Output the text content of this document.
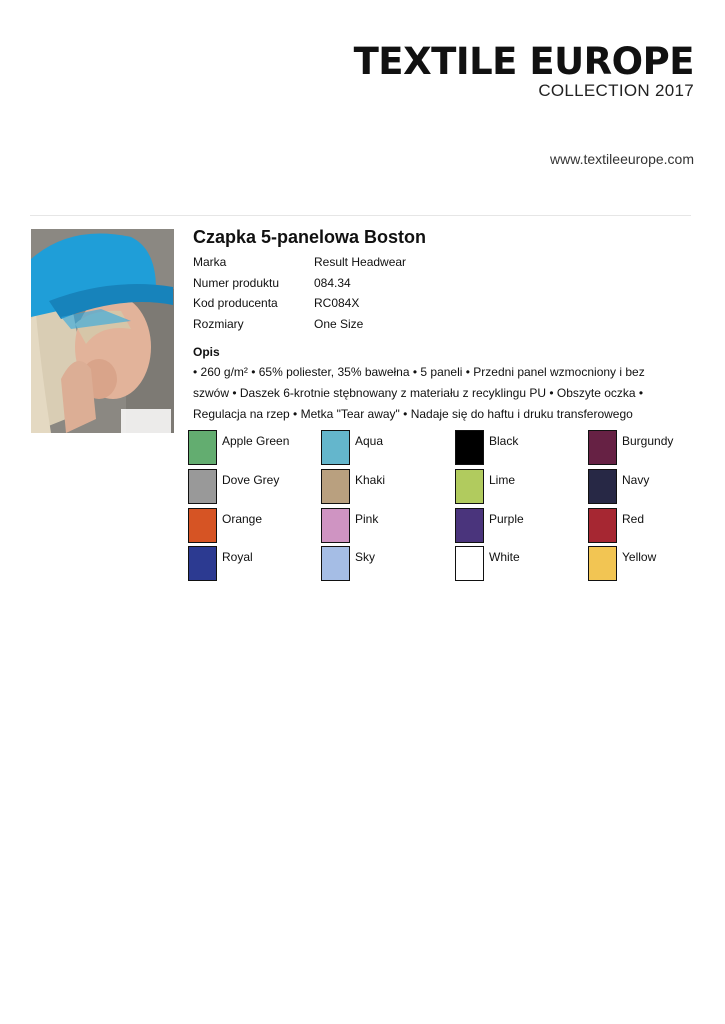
TEXTILE EUROPE
COLLECTION 2017
www.textileeurope.com
Czapka 5-panelowa Boston
Marka	Result Headwear
Numer produktu	084.34
Kod producenta	RC084X
Rozmiary	One Size
Opis
• 260 g/m² • 65% poliester, 35% bawełna • 5 paneli • Przedni panel wzmocniony i bez szwów • Daszek 6-krotnie stębnowany z materiału z recyklingu PU • Obszyte oczka • Regulacja na rzep • Metka "Tear away" • Nadaje się do haftu i druku transferowego
Apple Green	Aqua	Black	Burgundy
Dove Grey	Khaki	Lime	Navy
Orange	Pink	Purple	Red
Royal	Sky	White	Yellow
